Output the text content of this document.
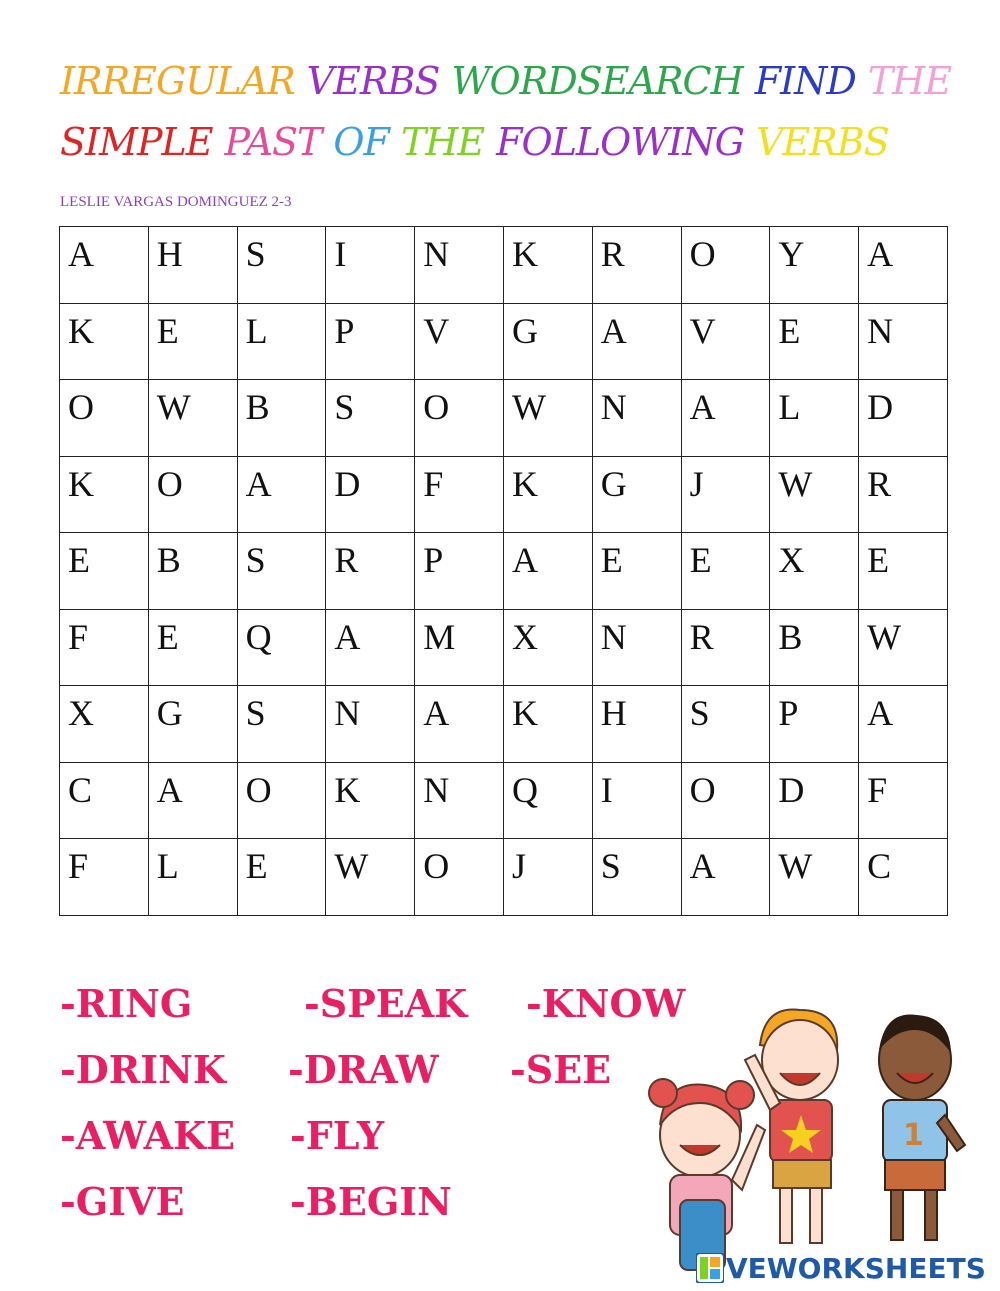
IRREGULAR VERBS WORDSEARCH FIND THE
SIMPLE PAST OF THE FOLLOWING VERBS
LESLIE VARGAS DOMINGUEZ 2-3
A	H	S	I	N	K	R	O	Y	A

K	E	L	P	V	G	A	V	E	N

O	W	B	S	O	W	N	A	L	D

K	O	A	D	F	K	G	J	W	R

E	B	S	R	P	A	E	E	X	E

F	E	Q	A	M	X	N	R	B	W

X	G	S	N	A	K	H	S	P	A

C	A	O	K	N	Q	I	O	D	F

F	L	E	W	O	J	S	A	W	C
-RING	-SPEAK -KNOW
-DRINK -DRAW -SEE
-AWAKE -FLY
-GIVE	-BEGIN
1
VEWORKSHEETS
